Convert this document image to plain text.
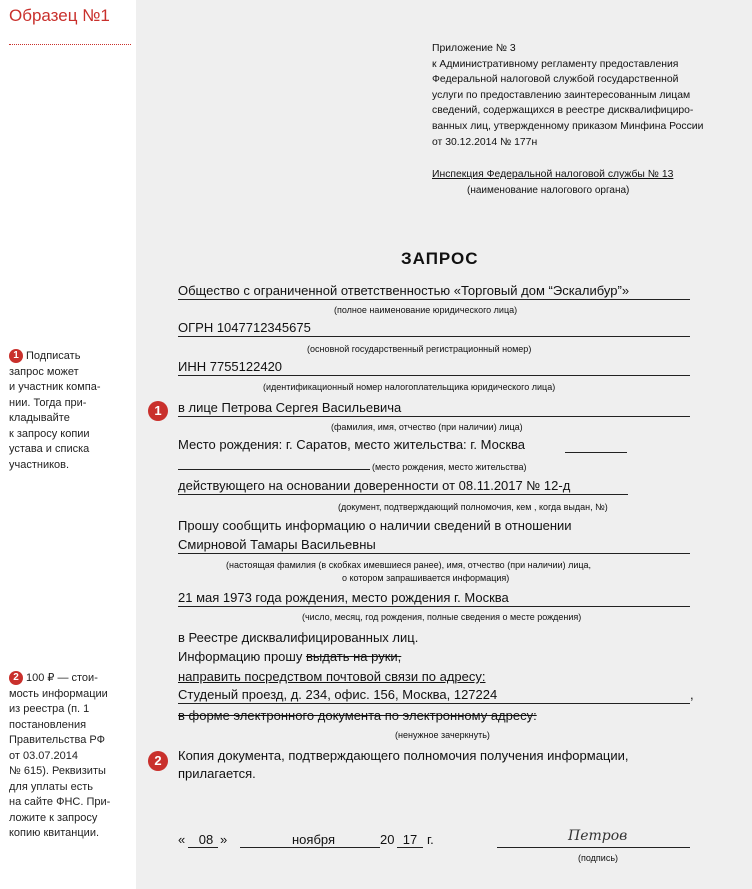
Образец №1
1 Подписать
запрос может
и участник компа-
нии. Тогда при-
кладывайте
к запросу копии
устава и списка
участников.
2 100 ₽ — стои-
мость информации
из реестра (п. 1
постановления
Правительства РФ
от 03.07.2014
№ 615). Реквизиты
для уплаты есть
на сайте ФНС. При-
ложите к запросу
копию квитанции.
Приложение № 3
к Административному регламенту предоставления
Федеральной налоговой службой государственной
услуги по предоставлению заинтересованным лицам
сведений, содержащихся в реестре дисквалифициро-
ванных лиц, утвержденному приказом Минфина России
от 30.12.2014 № 177н
Инспекция Федеральной налоговой службы № 13
(наименование налогового органа)
ЗАПРОС
Общество с ограниченной ответственностью «Торговый дом “Эскалибур”»
(полное наименование юридического лица)
ОГРН 1047712345675
(основной государственный регистрационный номер)
ИНН 7755122420
(идентификационный номер налогоплательщика юридического лица)
1	в лице Петрова Сергея Васильевича
(фамилия, имя, отчество (при наличии) лица)
Место рождения: г. Саратов, место жительства: г. Москва
(место рождения, место жительства)
действующего на основании доверенности от 08.11.2017 № 12-д
(документ, подтверждающий полномочия, кем , когда выдан, №)
Прошу сообщить информацию о наличии сведений в отношении
Смирновой Тамары Васильевны
(настоящая фамилия (в скобках имевшиеся ранее), имя, отчество (при наличии) лица,
о котором запрашивается информация)
21 мая 1973 года рождения, место рождения г. Москва
(число, месяц, год рождения, полные сведения о месте рождения)
в Реестре дисквалифицированных лиц.
Информацию прошу выдать на руки,
направить посредством почтовой связи по адресу:
Студеный проезд, д. 234, офис. 156, Москва, 127224	,
в форме электронного документа по электронному адресу:
(ненужное зачеркнуть)
2	Копия документа, подтверждающего полномочия получения информации,
прилагается.
«	08 »	ноября	20 17 г.	Петров
(подпись)
